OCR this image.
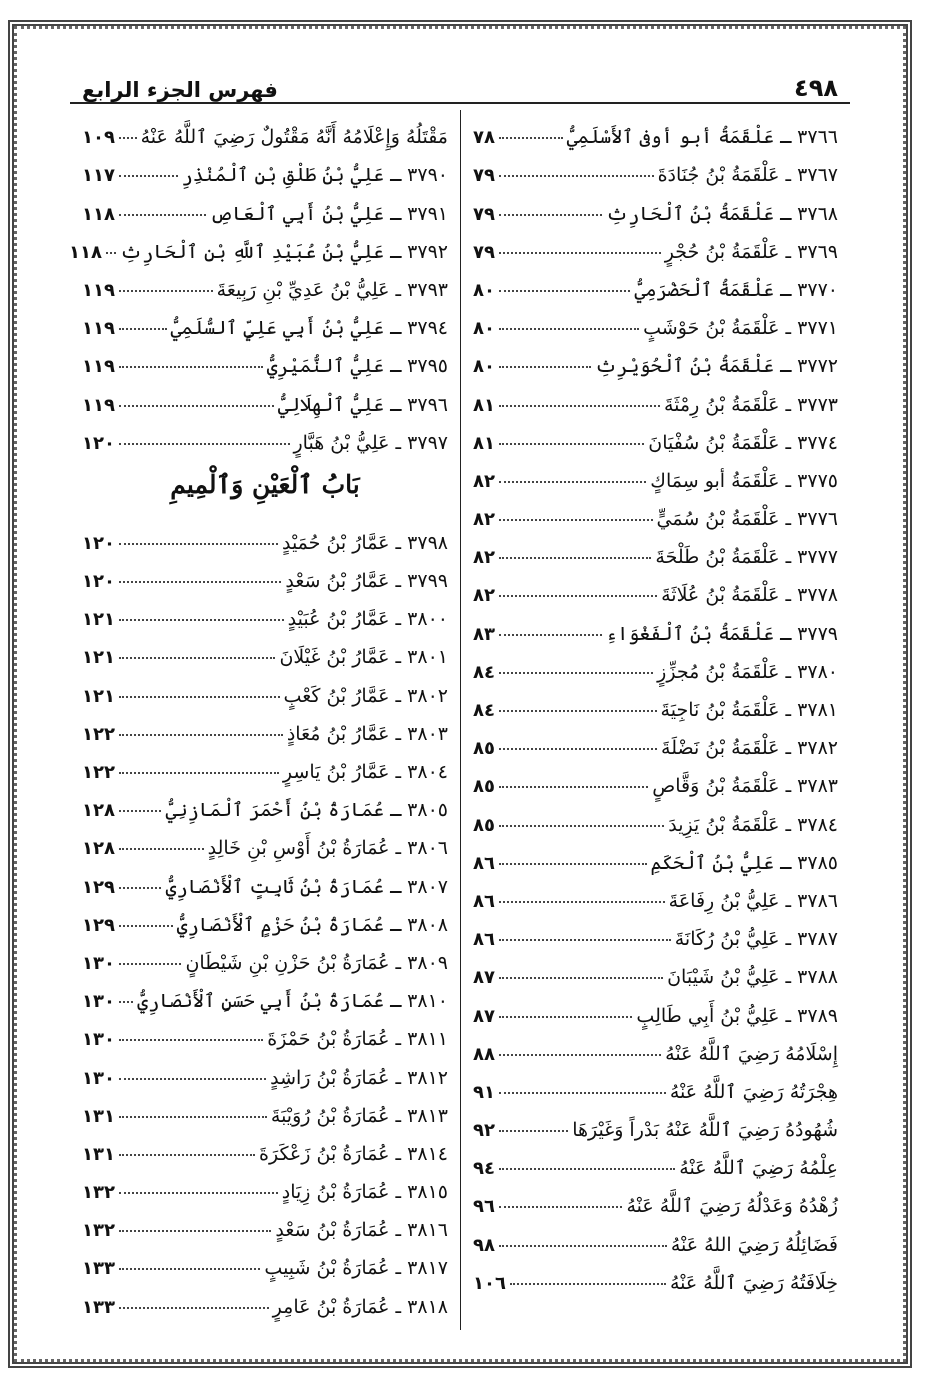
٤٩٨
فهرس الجزء الرابع
٣٧٦٦ ـ عَلْقَمَةُ أبو أوفى ٱلأَسْلَمِيُّ
٧٨
٣٧٦٧ ـ عَلْقَمَةُ بْنُ جُنَادَةَ
٧٩
٣٧٦٨ ـ عَلْقَمَةُ بْنُ ٱلْحَارِثِ
٧٩
٣٧٦٩ ـ عَلْقَمَةُ بْنُ حُجْرٍ
٧٩
٣٧٧٠ ـ عَلْقَمَةُ ٱلْحَضْرَمِيُّ
٨٠
٣٧٧١ ـ عَلْقَمَةُ بْنُ حَوْشَبٍ
٨٠
٣٧٧٢ ـ عَلْقَمَةُ بْنُ ٱلْحُوَيْرِثِ
٨٠
٣٧٧٣ ـ عَلْقَمَةُ بْنُ رِمْثَةَ
٨١
٣٧٧٤ ـ عَلْقَمَةُ بْنُ سُفْيَانَ
٨١
٣٧٧٥ ـ عَلْقَمَةُ أبو سِمَاكٍ
٨٢
٣٧٧٦ ـ عَلْقَمَةُ بْنُ سُمَيٍّ
٨٢
٣٧٧٧ ـ عَلْقَمَةُ بْنُ طَلْحَةَ
٨٢
٣٧٧٨ ـ عَلْقَمَةُ بْنُ عُلَاثَةَ
٨٢
٣٧٧٩ ـ عَلْقَمَةُ بْنُ ٱلْفَغْوَاءِ
٨٣
٣٧٨٠ ـ عَلْقَمَةُ بْنُ مُجزِّزٍ
٨٤
٣٧٨١ ـ عَلْقَمَةُ بْنُ نَاجِيَةَ
٨٤
٣٧٨٢ ـ عَلْقَمَةُ بْنُ نَضْلَةَ
٨٥
٣٧٨٣ ـ عَلْقَمَةُ بْنُ وَقَّاصٍ
٨٥
٣٧٨٤ ـ عَلْقَمَةُ بْنُ يَزِيدَ
٨٥
٣٧٨٥ ـ عَلِيُّ بْنُ ٱلْحَكَمِ
٨٦
٣٧٨٦ ـ عَلِيُّ بْنُ رِفَاعَةَ
٨٦
٣٧٨٧ ـ عَلِيُّ بْنُ رُكَانَةَ
٨٦
٣٧٨٨ ـ عَلِيُّ بْنُ شَيْبَانَ
٨٧
٣٧٨٩ ـ عَلِيُّ بْنُ أَبِي طَالِبٍ
٨٧
إِسْلَامُهُ رَضِيَ ٱللَّهُ عَنْهُ
٨٨
هِجْرَتُهُ رَضِيَ ٱللَّهُ عَنْهُ
٩١
شُهُودُهُ رَضِيَ ٱللَّهُ عَنْهُ بَدْراً وَغَيْرَهَا
٩٢
عِلْمُهُ رَضِيَ ٱللَّهُ عَنْهُ
٩٤
زُهْدُهُ وَعَدْلُهُ رَضِيَ ٱللَّهُ عَنْهُ
٩٦
فَضَائِلُهُ رَضِيَ اللهُ عَنْهُ
٩٨
خِلَافَتُهُ رَضِيَ ٱللَّهُ عَنْهُ
١٠٦
مَقْتَلُهُ وَإِعْلَامُهُ أَنَّهُ مَقْتُولٌ رَضِيَ ٱللَّهُ عَنْهُ
١٠٩
٣٧٩٠ ـ عَلِيُّ بْنُ طَلْقِ بْنِ ٱلْمُنْذِرِ
١١٧
٣٧٩١ ـ عَلِيُّ بْنُ أَبِي ٱلْعَاصِ
١١٨
٣٧٩٢ ـ عَلِيُّ بْنُ عُبَيْدِ ٱللَّهِ بْنِ ٱلْحَارِثِ
١١٨
٣٧٩٣ ـ عَلِيُّ بْنُ عَدِيِّ بْنِ رَبِيعَةَ
١١٩
٣٧٩٤ ـ عَلِيُّ بْنُ أَبِي عَلِيٍّ ٱلسُّلَمِيُّ
١١٩
٣٧٩٥ ـ عَلِيُّ ٱلنُّمَيْرِيُّ
١١٩
٣٧٩٦ ـ عَلِيُّ ٱلْهِلَالِيُّ
١١٩
٣٧٩٧ ـ عَلِيُّ بْنُ هَبَّارٍ
١٢٠
بَابُ ٱلْعَيْنِ وَٱلْمِيمِ
٣٧٩٨ ـ عَمَّارُ بْنُ حُمَيْدٍ
١٢٠
٣٧٩٩ ـ عَمَّارُ بْنُ سَعْدٍ
١٢٠
٣٨٠٠ ـ عَمَّارُ بْنُ عُبَيْدٍ
١٢١
٣٨٠١ ـ عَمَّارُ بْنُ غَيْلَانَ
١٢١
٣٨٠٢ ـ عَمَّارُ بْنُ كَعْبٍ
١٢١
٣٨٠٣ ـ عَمَّارُ بْنُ مُعَاذٍ
١٢٢
٣٨٠٤ ـ عَمَّارُ بْنُ يَاسِرٍ
١٢٢
٣٨٠٥ ـ عُمَارَةُ بْنُ أَحْمَرَ ٱلْمَازِنِيُّ
١٢٨
٣٨٠٦ ـ عُمَارَةُ بْنُ أَوْسِ بْنِ خَالِدٍ
١٢٨
٣٨٠٧ ـ عُمَارَةُ بْنُ ثَابِتٍ ٱلْأَنْصَارِيُّ
١٢٩
٣٨٠٨ ـ عُمَارَةُ بْنُ حَزْمٍ ٱلْأَنْصَارِيُّ
١٢٩
٣٨٠٩ ـ عُمَارَةُ بْنُ حَزْنِ بْنِ شَيْطَانٍ
١٣٠
٣٨١٠ ـ عُمَارَةُ بْنُ أَبِي حَسَنٍ ٱلْأَنْصَارِيُّ
١٣٠
٣٨١١ ـ عُمَارَةُ بْنُ حَمْزَةَ
١٣٠
٣٨١٢ ـ عُمَارَةُ بْنُ رَاشِدٍ
١٣٠
٣٨١٣ ـ عُمَارَةُ بْنُ رُوَيْبَةَ
١٣١
٣٨١٤ ـ عُمَارَةُ بْنُ زَعْكَرَةَ
١٣١
٣٨١٥ ـ عُمَارَةُ بْنُ زِيَادٍ
١٣٢
٣٨١٦ ـ عُمَارَةُ بْنُ سَعْدٍ
١٣٢
٣٨١٧ ـ عُمَارَةُ بْنُ شَبِيبٍ
١٣٣
٣٨١٨ ـ عُمَارَةُ بْنُ عَامِرٍ
١٣٣
